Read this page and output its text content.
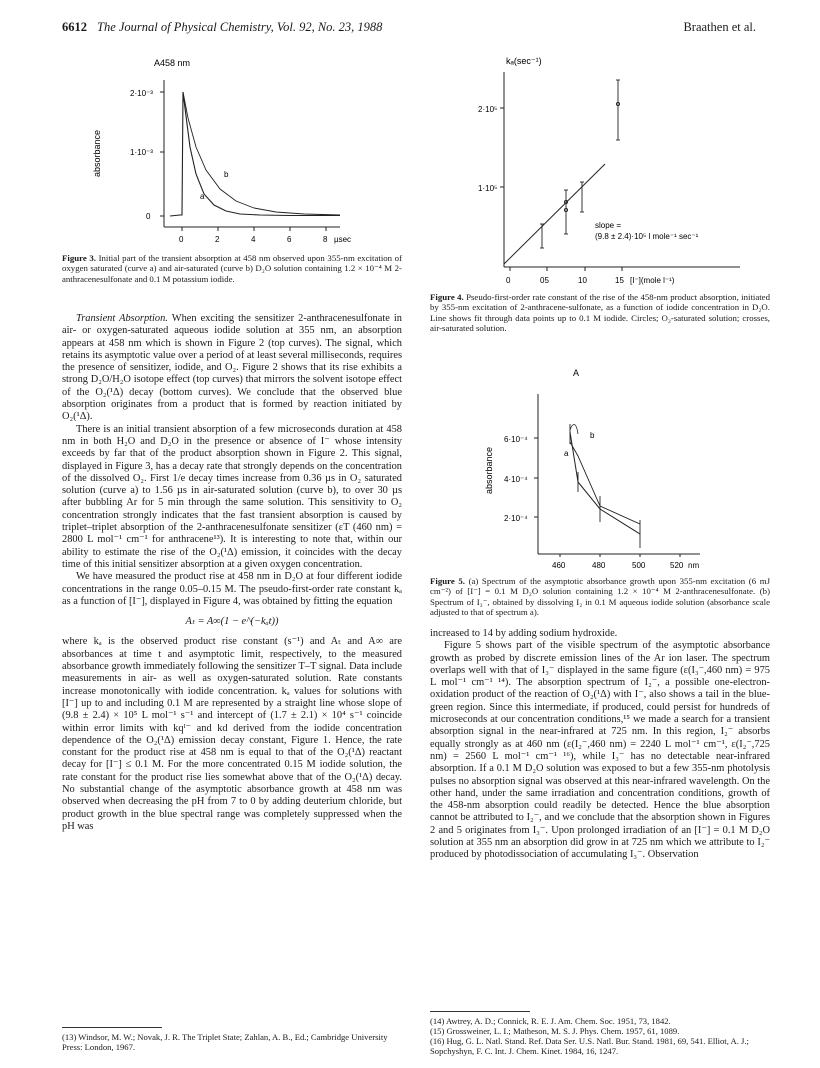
6612 The Journal of Physical Chemistry, Vol. 92, No. 23, 1988	Braathen et al.
A458 nm
absorbance
2·10⁻³
1·10⁻³
0
0	2	4	6	8 µsec
a
b
Figure 3. Initial part of the transient absorption at 458 nm observed upon 355-nm excitation of oxygen saturated (curve a) and air-saturated (curve b) D₂O solution containing 1.2 × 10⁻⁴ M 2-anthracenesulfonate and 0.1 M potassium iodide.

Transient Absorption. When exciting the sensitizer 2-anthracenesulfonate in air- or oxygen-saturated aqueous iodide solution at 355 nm, an absorption appears at 458 nm which is shown in Figure 2 (top curves). The signal, which retains its asymptotic value over a period of at least several milliseconds, requires the presence of sensitizer, iodide, and O₂. Figure 2 shows that its rise exhibits a strong D₂O/H₂O isotope effect (top curves) that mirrors the solvent isotope effect of the O₂(¹Δ) decay (bottom curves). We conclude that the observed blue absorption originates from a product that is formed by reaction initiated by O₂(¹Δ).

There is an initial transient absorption of a few microseconds duration at 458 nm in both H₂O and D₂O in the presence or absence of I⁻ whose intensity exceeds by far that of the product absorption shown in Figure 2. This signal, displayed in Figure 3, has a decay rate that strongly depends on the concentration of the dissolved O₂. First 1/e decay times increase from 0.36 µs in O₂ saturated solution (curve a) to 1.56 µs in air-saturated solution (curve b), to over 30 µs after bubbling Ar for 5 min through the same solution. This sensitivity to O₂ concentration strongly indicates that the fast transient absorption is caused by triplet–triplet absorption of the 2-anthracenesulfonate sensitizer (εT (460 nm) = 2800 L mol⁻¹ cm⁻¹ for anthracene¹³). It is interesting to note that, within our ability to estimate the rise of the O₂(¹Δ) emission, it coincides with the decay time of this initial sensitizer absorption at a given oxygen concentration.

We have measured the product rise at 458 nm in D₂O at four different iodide concentrations in the range 0.05–0.15 M. The pseudo-first-order rate constant kₐ as a function of [I⁻], displayed in Figure 4, was obtained by fitting the equation

Aₜ = A∞(1 − e^(−kₐt))

where kₐ is the observed product rise constant (s⁻¹) and Aₜ and A∞ are absorbances at time t and asymptotic limit, respectively, to the measured absorbance growth immediately following the sensitizer T–T signal. Data include measurements in air- as well as oxygen-saturated solution. Rate constants increase monotonically with iodide concentration. kₐ values for solutions with [I⁻] up to and including 0.1 M are represented by a straight line whose slope of (9.8 ± 2.4) × 10⁵ L mol⁻¹ s⁻¹ and intercept of (1.7 ± 2.1) × 10⁴ s⁻¹ coincide within error limits with kqᴵ⁻ and kd derived from the iodide concentration dependence of the O₂(¹Δ) emission decay constant, Figure 1. Hence, the rate constant for the product rise at 458 nm is equal to that of the O₂(¹Δ) reactant decay for [I⁻] ≤ 0.1 M. For the more concentrated 0.15 M iodide solution, the rate constant for the product rise lies somewhat above that of the O₂(¹Δ) decay. No substantial change of the asymptotic absorbance growth at 458 nm was observed when decreasing the pH from 7 to 0 by adding deuterium chloride, but product growth in the blue spectral range was completely suppressed when the pH was

(13) Windsor, M. W.; Novak, J. R. The Triplet State; Zahlan, A. B., Ed.; Cambridge University Press: London, 1967.
kₐ(sec⁻¹)
2·10⁵
1·10⁵
0	05	10	15 [I⁻](mole l⁻¹)
slope =
(9.8 ± 2.4)·10⁵ l mole⁻¹ sec⁻¹
Figure 4. Pseudo-first-order rate constant of the rise of the 458-nm product absorption, initiated by 355-nm excitation of 2-anthracene-sulfonate, as a function of iodide concentration in D₂O. Line shows fit through data points up to 0.1 M iodide. Circles; O₂-saturated solution; crosses, air-saturated solution.
A
absorbance
6·10⁻⁴
4·10⁻⁴
2·10⁻⁴
460	480	500	520 nm
a
b
Figure 5. (a) Spectrum of the asymptotic absorbance growth upon 355-nm excitation (6 mJ cm⁻²) of [I⁻] = 0.1 M D₂O solution containing 1.2 × 10⁻⁴ M 2-anthracenesulfonate. (b) Spectrum of I₃⁻, obtained by dissolving I₂ in 0.1 M aqueous iodide solution (absorbance scale adjusted to that of spectrum a).

increased to 14 by adding sodium hydroxide.

Figure 5 shows part of the visible spectrum of the asymptotic absorbance growth as probed by discrete emission lines of the Ar ion laser. The spectrum overlaps well with that of I₃⁻ displayed in the same figure (ε(I₃⁻,460 nm) = 975 L mol⁻¹ cm⁻¹ ¹⁴). The absorption spectrum of I₂⁻, a possible one-electron-oxidation product of the reaction of O₂(¹Δ) with I⁻, also shows a tail in the blue-green region. Since this intermediate, if produced, could persist for hundreds of microseconds at our concentration conditions,¹⁵ we made a search for a transient absorption signal in the near-infrared at 725 nm. In this region, I₂⁻ absorbs equally strongly as at 460 nm (ε(I₂⁻,460 nm) = 2240 L mol⁻¹ cm⁻¹, ε(I₂⁻,725 nm) = 2560 L mol⁻¹ cm⁻¹ ¹⁶), while I₃⁻ has no detectable near-infrared absorption. If a 0.1 M D₂O solution was exposed to but a few 355-nm photolysis pulses no absorption signal was observed at this near-infrared wavelength. On the other hand, under the same irradiation and concentration conditions, growth of the 458-nm absorption could readily be detected. Hence the blue absorption cannot be attributed to I₂⁻, and we conclude that the absorption shown in Figures 2 and 5 originates from I₃⁻. Upon prolonged irradiation of an [I⁻] = 0.1 M D₂O solution at 355 nm an absorption did grow in at 725 nm which we attribute to I₂⁻ produced by photodissociation of accumulating I₃⁻. Observation

(14) Awtrey, A. D.; Connick, R. E. J. Am. Chem. Soc. 1951, 73, 1842.
(15) Grossweiner, L. I.; Matheson, M. S. J. Phys. Chem. 1957, 61, 1089.
(16) Hug, G. L. Natl. Stand. Ref. Data Ser. U.S. Natl. Bur. Stand. 1981, 69, 541. Elliot, A. J.; Sopchyshyn, F. C. Int. J. Chem. Kinet. 1984, 16, 1247.
